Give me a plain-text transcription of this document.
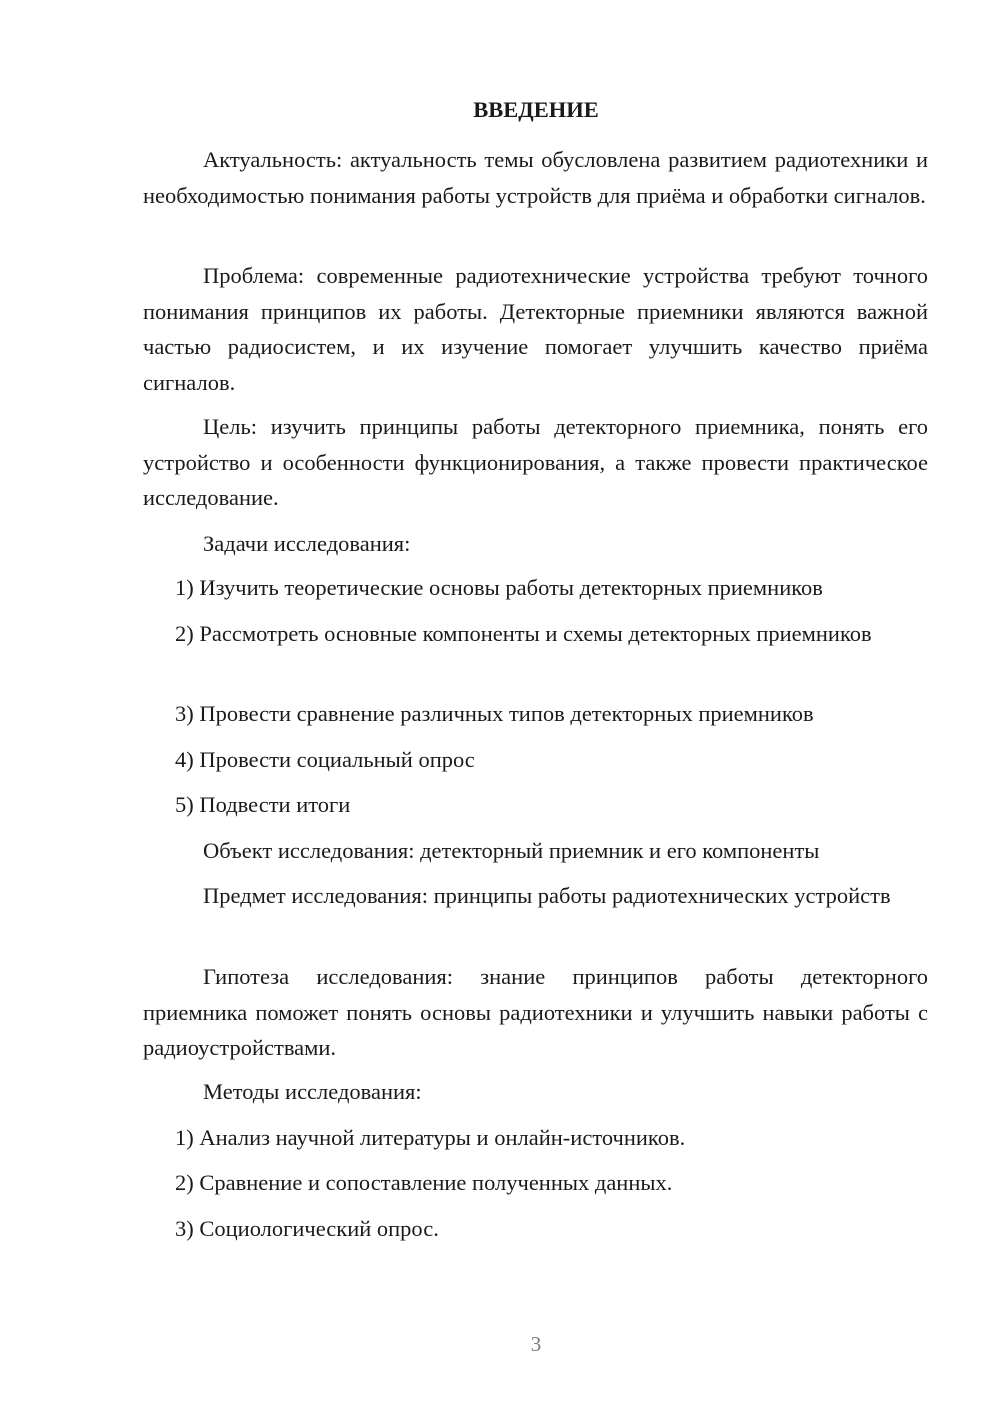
ВВЕДЕНИЕ

Актуальность: актуальность темы обусловлена развитием радиотехники и необходимостью понимания работы устройств для приёма и обработки сигналов.

Проблема: современные радиотехнические устройства требуют точного понимания принципов их работы. Детекторные приемники являются важной частью радиосистем, и их изучение помогает улучшить качество приёма сигналов.

Цель: изучить принципы работы детекторного приемника, понять его устройство и особенности функционирования, а также провести практическое исследование.

Задачи исследования:

1) Изучить теоретические основы работы детекторных приемников

2) Рассмотреть основные компоненты и схемы детекторных приемников

3) Провести сравнение различных типов детекторных приемников

4) Провести социальный опрос

5) Подвести итоги

Объект исследования: детекторный приемник и его компоненты

Предмет исследования: принципы работы радиотехнических устройств

Гипотеза исследования: знание принципов работы детекторного приемника поможет понять основы радиотехники и улучшить навыки работы с радиоустройствами.

Методы исследования:

1) Анализ научной литературы и онлайн-источников.

2) Сравнение и сопоставление полученных данных.

3) Социологический опрос.

3
